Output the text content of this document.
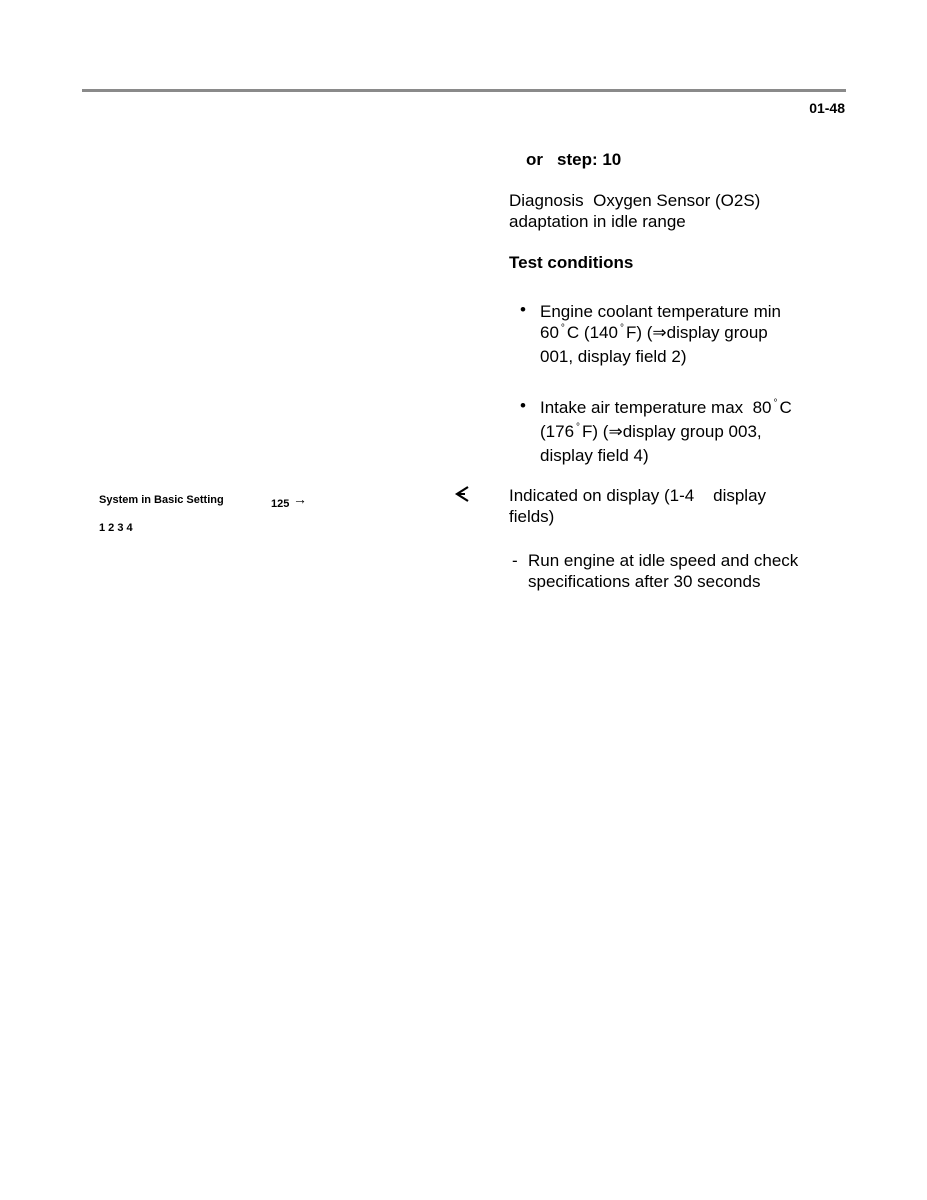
01-48
or step: 10
Diagnosis  Oxygen Sensor (O2S)
adaptation in idle range
Test conditions
• Engine coolant temperature min
60 ° C (140 ° F) (⇒display group
001, display field 2)
• Intake air temperature max  80 ° C
(176 ° F) (⇒display group 003,
display field 4)
Indicated on display (1-4    display
fields)
System in Basic Setting	125 →
1 2 3 4
- Run engine at idle speed and check
specifications after 30 seconds
